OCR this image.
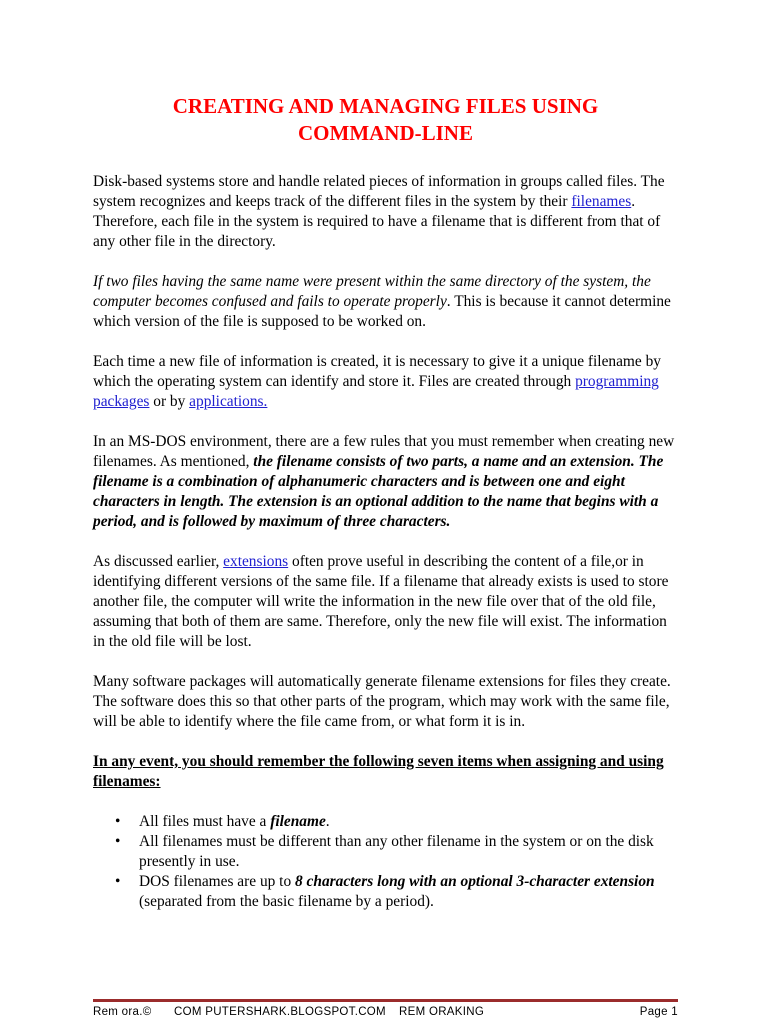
CREATING AND MANAGING FILES USING
COMMAND-LINE

Disk-based systems store and handle related pieces of information in groups called files. The system recognizes and keeps track of the different files in the system by their filenames. Therefore, each file in the system is required to have a filename that is different from that of any other file in the directory.

If two files having the same name were present within the same directory of the system, the computer becomes confused and fails to operate properly. This is because it cannot determine which version of the file is supposed to be worked on.

Each time a new file of information is created, it is necessary to give it a unique filename by which the operating system can identify and store it. Files are created through programming packages or by applications.

In an MS-DOS environment, there are a few rules that you must remember when creating new filenames. As mentioned, the filename consists of two parts, a name and an extension. The filename is a combination of alphanumeric characters and is between one and eight characters in length. The extension is an optional addition to the name that begins with a period, and is followed by maximum of three characters.

As discussed earlier, extensions often prove useful in describing the content of a file,or in identifying different versions of the same file. If a filename that already exists is used to store another file, the computer will write the information in the new file over that of the old file, assuming that both of them are same. Therefore, only the new file will exist. The information in the old file will be lost.

Many software packages will automatically generate filename extensions for files they create. The software does this so that other parts of the program, which may work with the same file, will be able to identify where the file came from, or what form it is in.

In any event, you should remember the following seven items when assigning and using filenames:
• All files must have a filename.
• All filenames must be different than any other filename in the system or on the disk presently in use.
• DOS filenames are up to 8 characters long with an optional 3-character extension (separated from the basic filename by a period).
Rem ora.© COM PUTERSHARK.BLOGSPOT.COM REM ORAKING	Page 1
